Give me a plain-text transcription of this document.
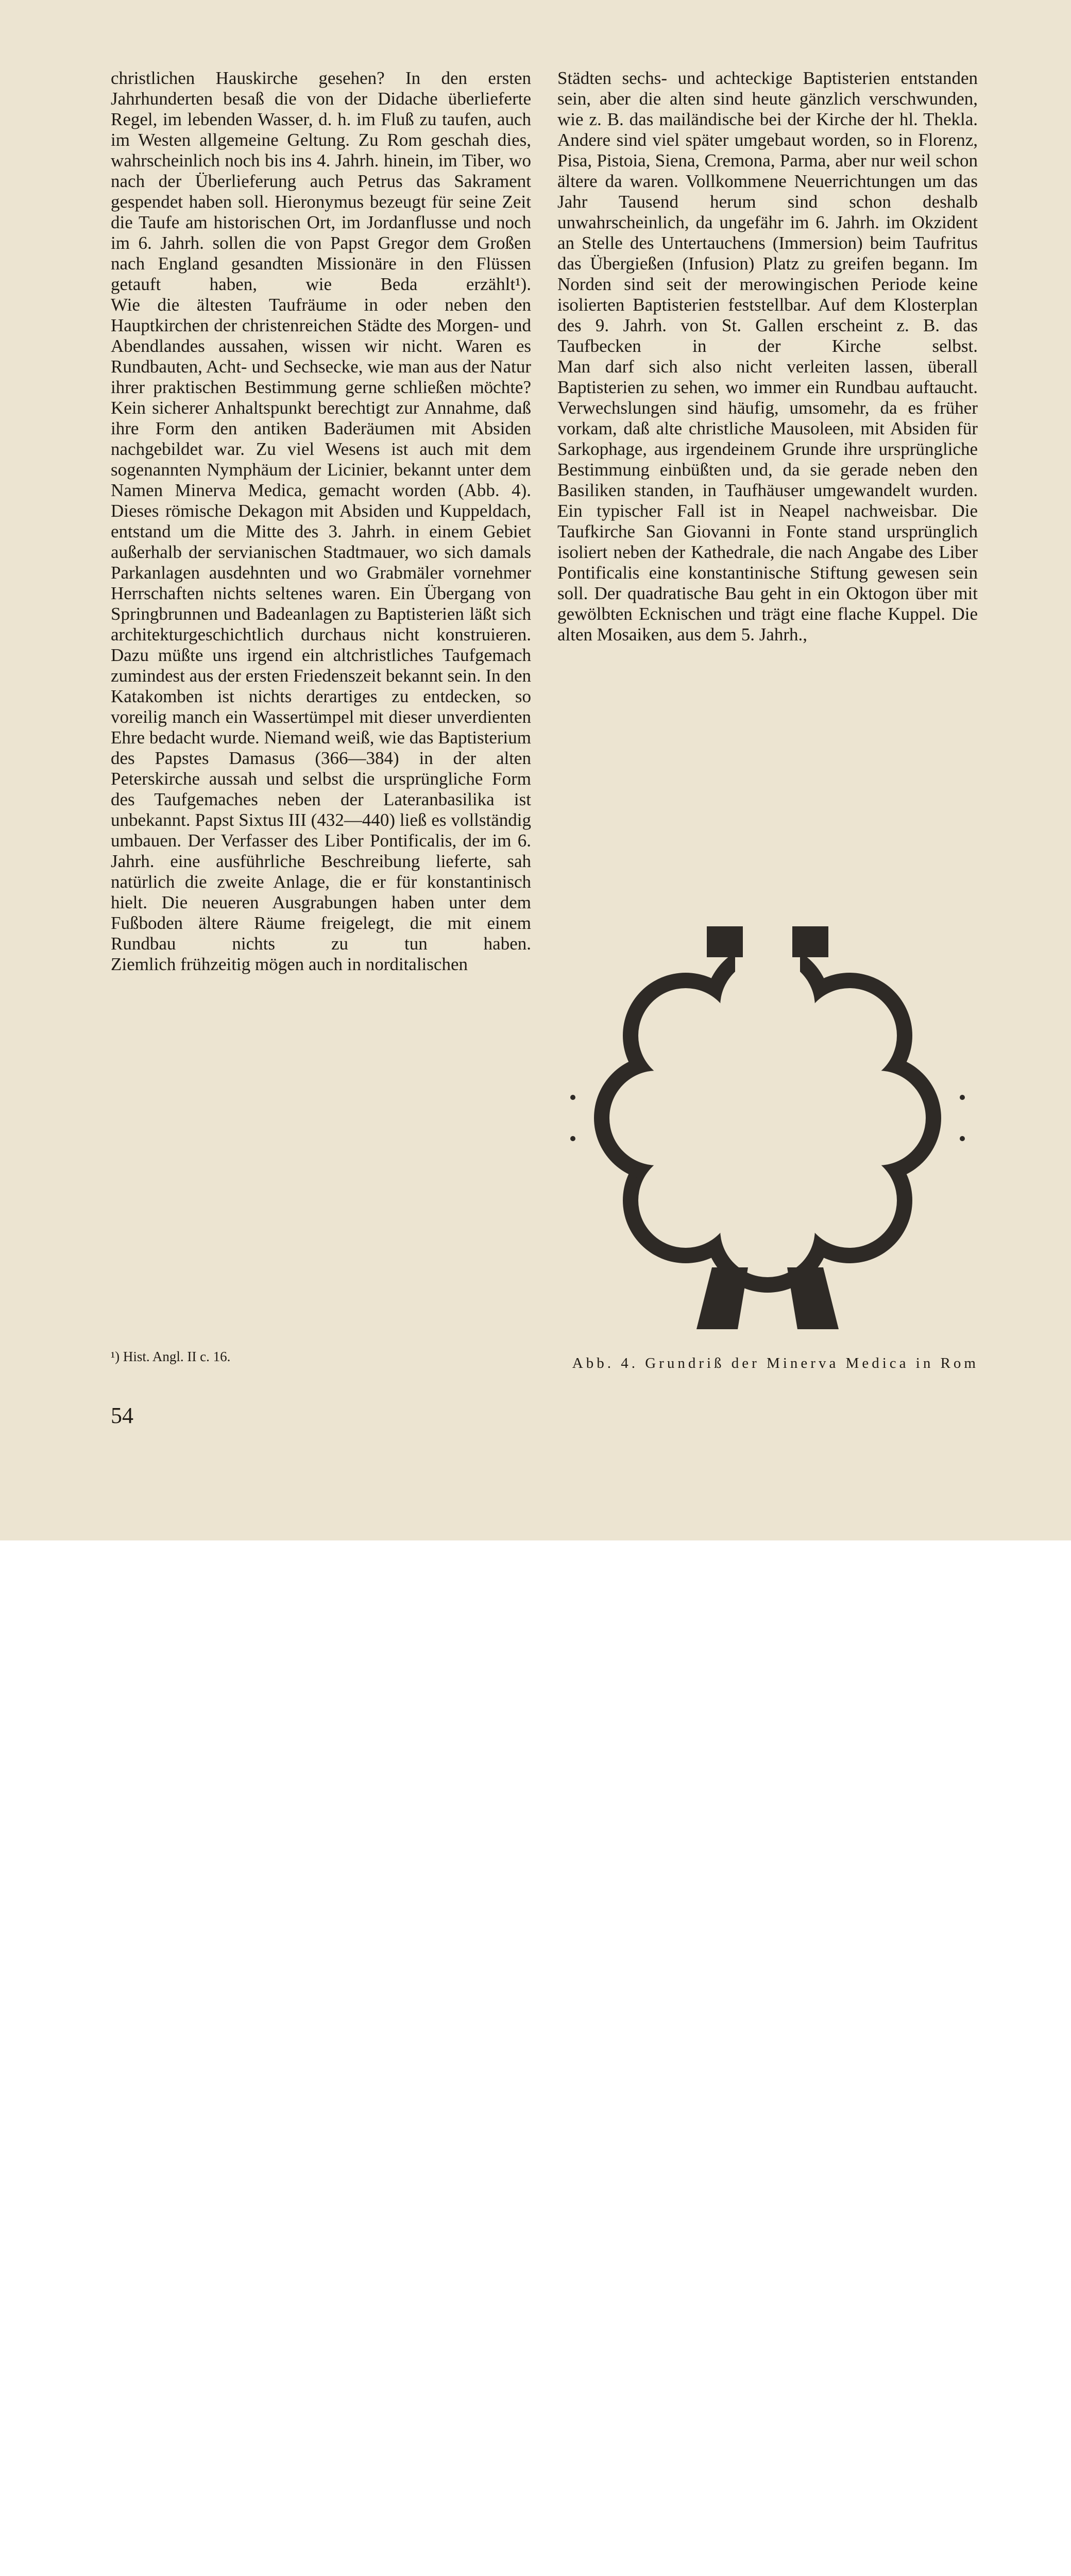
christlichen Hauskirche gesehen? In den ersten Jahrhunderten besaß die von der Didache überlieferte Regel, im lebenden Wasser, d. h. im Fluß zu taufen, auch im Westen allgemeine Geltung. Zu Rom geschah dies, wahrscheinlich noch bis ins 4. Jahrh. hinein, im Tiber, wo nach der Überlieferung auch Petrus das Sakrament gespendet haben soll. Hieronymus bezeugt für seine Zeit die Taufe am historischen Ort, im Jordanflusse und noch im 6. Jahrh. sollen die von Papst Gregor dem Großen nach England gesandten Missionäre in den Flüssen getauft haben, wie Beda erzählt¹).

Wie die ältesten Taufräume in oder neben den Hauptkirchen der christenreichen Städte des Morgen- und Abendlandes aussahen, wissen wir nicht. Waren es Rundbauten, Acht- und Sechsecke, wie man aus der Natur ihrer praktischen Bestimmung gerne schließen möchte? Kein sicherer Anhaltspunkt berechtigt zur Annahme, daß ihre Form den antiken Baderäumen mit Absiden nachgebildet war. Zu viel Wesens ist auch mit dem sogenannten Nymphäum der Licinier, bekannt unter dem Namen Minerva Medica, gemacht worden (Abb. 4). Dieses römische Dekagon mit Absiden und Kuppeldach, entstand um die Mitte des 3. Jahrh. in einem Gebiet außerhalb der servianischen Stadtmauer, wo sich damals Parkanlagen ausdehnten und wo Grabmäler vornehmer Herrschaften nichts seltenes waren. Ein Übergang von Springbrunnen und Badeanlagen zu Baptisterien läßt sich architekturgeschichtlich durchaus nicht konstruieren. Dazu müßte uns irgend ein altchristliches Taufgemach zumindest aus der ersten Friedenszeit bekannt sein. In den Katakomben ist nichts derartiges zu entdecken, so voreilig manch ein Wassertümpel mit dieser unverdienten Ehre bedacht wurde. Niemand weiß, wie das Baptisterium des Papstes Damasus (366—384) in der alten Peterskirche aussah und selbst die ursprüngliche Form des Taufgemaches neben der Lateranbasilika ist unbekannt. Papst Sixtus III (432—440) ließ es vollständig umbauen. Der Verfasser des Liber Pontificalis, der im 6. Jahrh. eine ausführliche Beschreibung lieferte, sah natürlich die zweite Anlage, die er für konstantinisch hielt. Die neueren Ausgrabungen haben unter dem Fußboden ältere Räume freigelegt, die mit einem Rundbau nichts zu tun haben.

Ziemlich frühzeitig mögen auch in norditalischen

Städten sechs- und achteckige Baptisterien entstanden sein, aber die alten sind heute gänzlich verschwunden, wie z. B. das mailändische bei der Kirche der hl. Thekla. Andere sind viel später umgebaut worden, so in Florenz, Pisa, Pistoia, Siena, Cremona, Parma, aber nur weil schon ältere da waren. Vollkommene Neuerrichtungen um das Jahr Tausend herum sind schon deshalb unwahrscheinlich, da ungefähr im 6. Jahrh. im Okzident an Stelle des Untertauchens (Immersion) beim Taufritus das Übergießen (Infusion) Platz zu greifen begann. Im Norden sind seit der merowingischen Periode keine isolierten Baptisterien feststellbar. Auf dem Klosterplan des 9. Jahrh. von St. Gallen erscheint z. B. das Taufbecken in der Kirche selbst.

Man darf sich also nicht verleiten lassen, überall Baptisterien zu sehen, wo immer ein Rundbau auftaucht. Verwechslungen sind häufig, umsomehr, da es früher vorkam, daß alte christliche Mausoleen, mit Absiden für Sarkophage, aus irgendeinem Grunde ihre ursprüngliche Bestimmung einbüßten und, da sie gerade neben den Basiliken standen, in Taufhäuser umgewandelt wurden. Ein typischer Fall ist in Neapel nachweisbar. Die Taufkirche San Giovanni in Fonte stand ursprünglich isoliert neben der Kathedrale, die nach Angabe des Liber Pontificalis eine konstantinische Stiftung gewesen sein soll. Der quadratische Bau geht in ein Oktogon über mit gewölbten Ecknischen und trägt eine flache Kuppel. Die alten Mosaiken, aus dem 5. Jahrh.,

¹) Hist. Angl. II c. 16.
54
Abb. 4. Grundriß der Minerva Medica in Rom
